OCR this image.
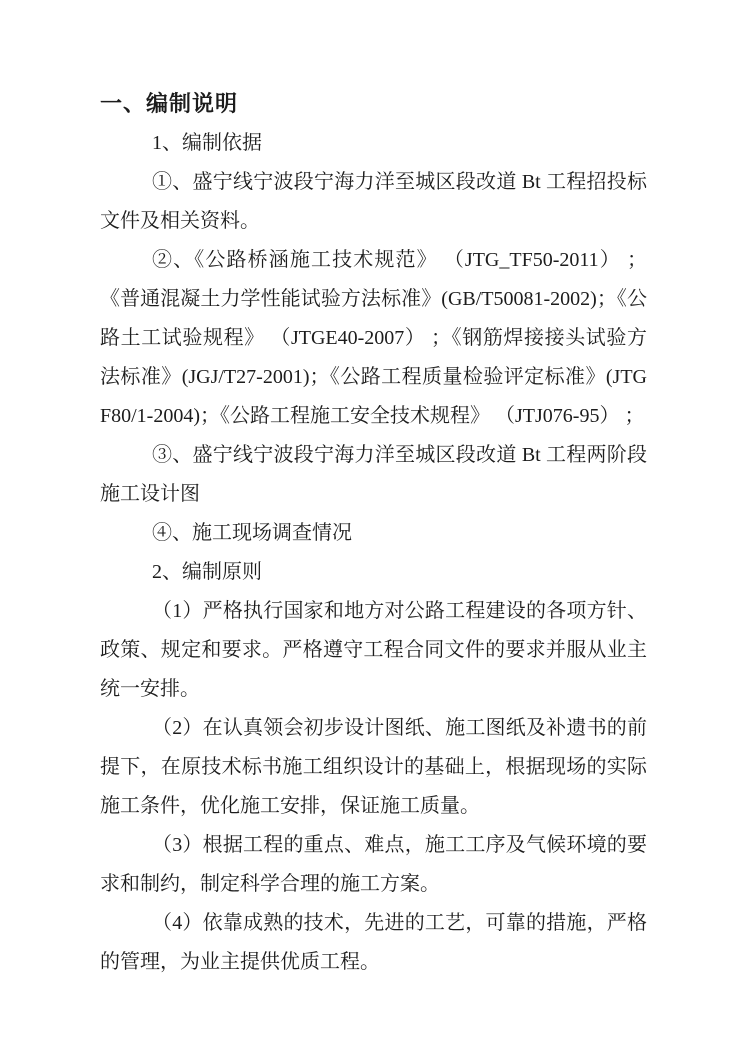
一、编制说明

1、编制依据

①、盛宁线宁波段宁海力洋至城区段改道 Bt 工程招投标文件及相关资料。

②、《公路桥涵施工技术规范》 （JTG_TF50-2011） ；《普通混凝土力学性能试验方法标准》(GB/T50081-2002)；《公路土工试验规程》 （JTGE40-2007） ；《钢筋焊接接头试验方法标准》(JGJ/T27-2001)；《公路工程质量检验评定标准》(JTGF80/1-2004)；《公路工程施工安全技术规程》 （JTJ076-95） ；

③、盛宁线宁波段宁海力洋至城区段改道 Bt 工程两阶段施工设计图

④、施工现场调查情况

2、编制原则

（1）严格执行国家和地方对公路工程建设的各项方针、政策、规定和要求。严格遵守工程合同文件的要求并服从业主统一安排。

（2）在认真领会初步设计图纸、施工图纸及补遗书的前提下，在原技术标书施工组织设计的基础上，根据现场的实际施工条件，优化施工安排，保证施工质量。

（3）根据工程的重点、难点，施工工序及气候环境的要求和制约，制定科学合理的施工方案。

（4）依靠成熟的技术，先进的工艺，可靠的措施，严格的管理，为业主提供优质工程。
